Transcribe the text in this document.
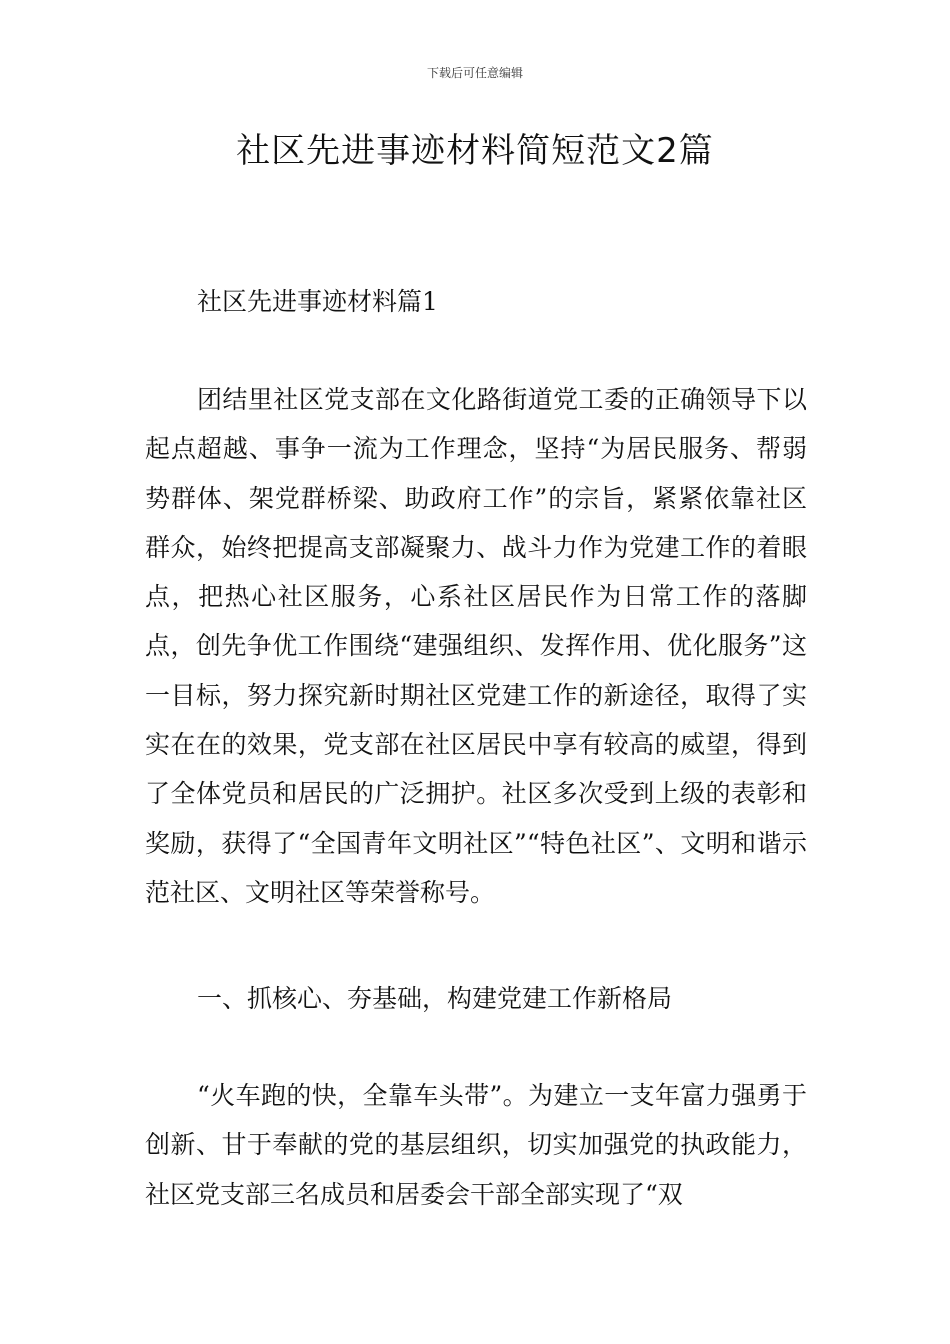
下载后可任意编辑
社区先进事迹材料简短范文2篇

社区先进事迹材料篇1

团结里社区党支部在文化路街道党工委的正确领导下以起点超越、事争一流为工作理念，坚持“为居民服务、帮弱势群体、架党群桥梁、助政府工作”的宗旨，紧紧依靠社区群众，始终把提高支部凝聚力、战斗力作为党建工作的着眼点，把热心社区服务，心系社区居民作为日常工作的落脚点，创先争优工作围绕“建强组织、发挥作用、优化服务”这一目标，努力探究新时期社区党建工作的新途径，取得了实实在在的效果，党支部在社区居民中享有较高的威望，得到了全体党员和居民的广泛拥护。社区多次受到上级的表彰和奖励，获得了“全国青年文明社区”“特色社区”、文明和谐示范社区、文明社区等荣誉称号。

一、抓核心、夯基础，构建党建工作新格局

“火车跑的快，全靠车头带”。为建立一支年富力强勇于创新、甘于奉献的党的基层组织，切实加强党的执政能力，社区党支部三名成员和居委会干部全部实现了“双
